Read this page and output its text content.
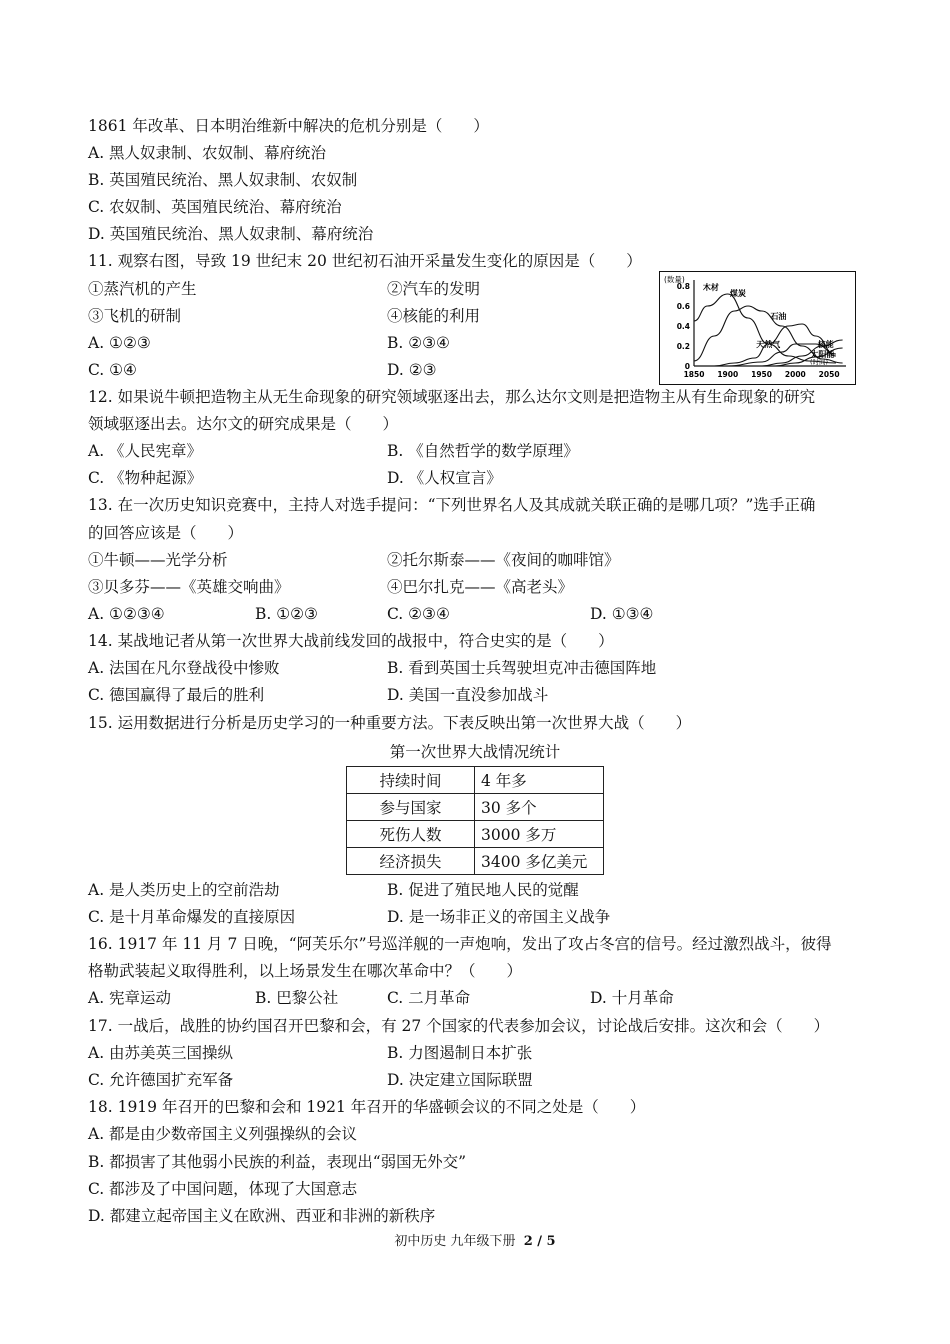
1861 年改革、日本明治维新中解决的危机分别是（　　）
A. 黑人奴隶制、农奴制、幕府统治
B. 英国殖民统治、黑人奴隶制、农奴制
C. 农奴制、英国殖民统治、幕府统治
D. 英国殖民统治、黑人奴隶制、幕府统治
11. 观察右图，导致 19 世纪末 20 世纪初石油开采量发生变化的原因是（　　）
①蒸汽机的产生	②汽车的发明
③飞机的研制	④核能的利用
A. ①②③	B. ②③④
C. ①④	D. ②③
(数量)
0.8
0.6
0.4
0.2
0
1850 1900 1950 2000 2050
(时间)
木材
煤炭
石油
天然气	核能
太阳能
12. 如果说牛顿把造物主从无生命现象的研究领域驱逐出去，那么达尔文则是把造物主从有生命现象的研究
领域驱逐出去。达尔文的研究成果是（　　）
A. 《人民宪章》	B. 《自然哲学的数学原理》
C. 《物种起源》	D. 《人权宣言》
13. 在一次历史知识竞赛中，主持人对选手提问：“下列世界名人及其成就关联正确的是哪几项？”选手正确
的回答应该是（　　）
①牛顿——光学分析	②托尔斯泰——《夜间的咖啡馆》
③贝多芬——《英雄交响曲》	④巴尔扎克——《高老头》
A. ①②③④	B. ①②③	C. ②③④	D. ①③④
14. 某战地记者从第一次世界大战前线发回的战报中，符合史实的是（　　）
A. 法国在凡尔登战役中惨败	B. 看到英国士兵驾驶坦克冲击德国阵地
C. 德国赢得了最后的胜利	D. 美国一直没参加战斗
15. 运用数据进行分析是历史学习的一种重要方法。下表反映出第一次世界大战（　　）
第一次世界大战情况统计
持续时间	4 年多
参与国家	30 多个
死伤人数	3000 多万
经济损失	3400 多亿美元
A. 是人类历史上的空前浩劫	B. 促进了殖民地人民的觉醒
C. 是十月革命爆发的直接原因	D. 是一场非正义的帝国主义战争
16. 1917 年 11 月 7 日晚，“阿芙乐尔”号巡洋舰的一声炮响，发出了攻占冬宫的信号。经过激烈战斗，彼得
格勒武装起义取得胜利，以上场景发生在哪次革命中？（　　）
A. 宪章运动	B. 巴黎公社	C. 二月革命	D. 十月革命
17. 一战后，战胜的协约国召开巴黎和会，有 27 个国家的代表参加会议，讨论战后安排。这次和会（　　）
A. 由苏美英三国操纵	B. 力图遏制日本扩张
C. 允许德国扩充军备	D. 决定建立国际联盟
18. 1919 年召开的巴黎和会和 1921 年召开的华盛顿会议的不同之处是（　　）
A. 都是由少数帝国主义列强操纵的会议
B. 都损害了其他弱小民族的利益，表现出“弱国无外交”
C. 都涉及了中国问题，体现了大国意志
D. 都建立起帝国主义在欧洲、西亚和非洲的新秩序
初中历史 九年级下册 2 / 5
